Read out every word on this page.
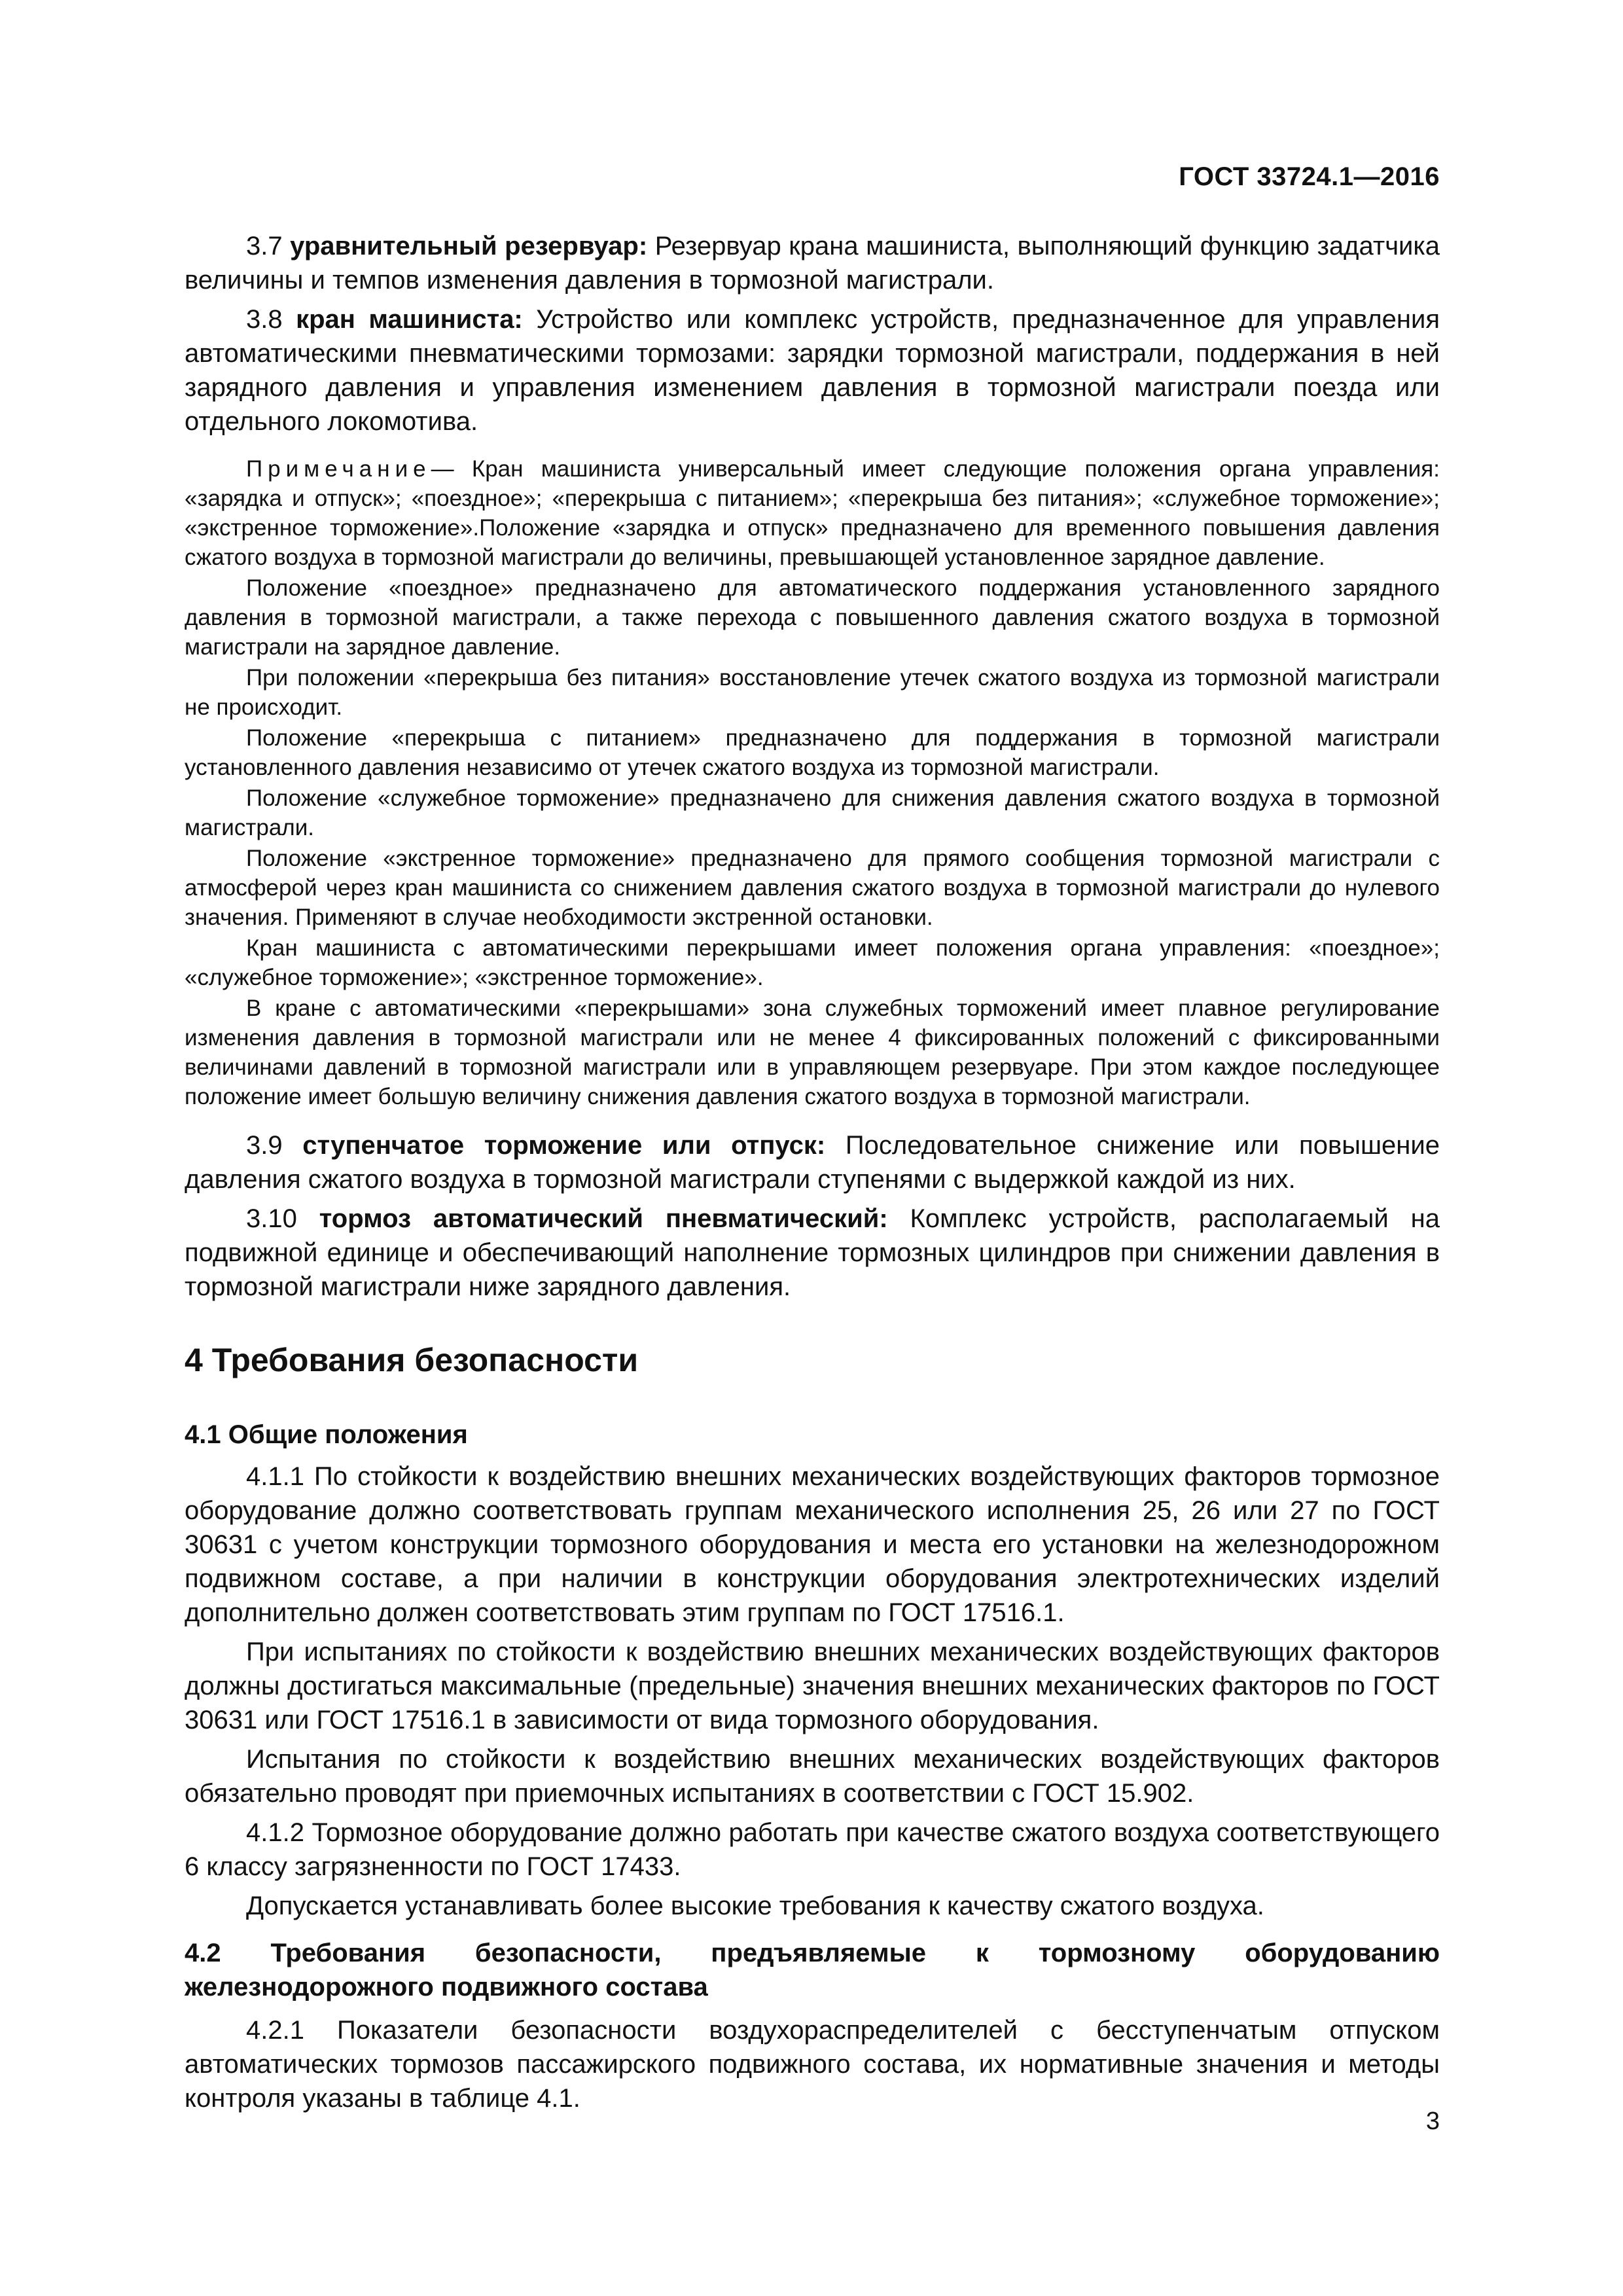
ГОСТ 33724.1—2016

3.7 уравнительный резервуар: Резервуар крана машиниста, выполняющий функцию задатчика величины и темпов изменения давления в тормозной магистрали.

3.8 кран машиниста: Устройство или комплекс устройств, предназначенное для управления автоматическими пневматическими тормозами: зарядки тормозной магистрали, поддержания в ней зарядного давления и управления изменением давления в тормозной магистрали поезда или отдельного локомотива.

Примечание— Кран машиниста универсальный имеет следующие положения органа управления: «зарядка и отпуск»; «поездное»; «перекрыша с питанием»; «перекрыша без питания»; «служебное торможение»; «экстренное торможение».Положение «зарядка и отпуск» предназначено для временного повышения давления сжатого воздуха в тормозной магистрали до величины, превышающей установленное зарядное давление.

Положение «поездное» предназначено для автоматического поддержания установленного зарядного давления в тормозной магистрали, а также перехода с повышенного давления сжатого воздуха в тормозной магистрали на зарядное давление.

При положении «перекрыша без питания» восстановление утечек сжатого воздуха из тормозной магистрали не происходит.

Положение «перекрыша с питанием» предназначено для поддержания в тормозной магистрали установленного давления независимо от утечек сжатого воздуха из тормозной магистрали.

Положение «служебное торможение» предназначено для снижения давления сжатого воздуха в тормозной магистрали.

Положение «экстренное торможение» предназначено для прямого сообщения тормозной магистрали с атмосферой через кран машиниста со снижением давления сжатого воздуха в тормозной магистрали до нулевого значения. Применяют в случае необходимости экстренной остановки.

Кран машиниста с автоматическими перекрышами имеет положения органа управления: «поездное»; «служебное торможение»; «экстренное торможение».

В кране с автоматическими «перекрышами» зона служебных торможений имеет плавное регулирование изменения давления в тормозной магистрали или не менее 4 фиксированных положений с фиксированными величинами давлений в тормозной магистрали или в управляющем резервуаре. При этом каждое последующее положение имеет большую величину снижения давления сжатого воздуха в тормозной магистрали.

3.9 ступенчатое торможение или отпуск: Последовательное снижение или повышение давления сжатого воздуха в тормозной магистрали ступенями с выдержкой каждой из них.

3.10 тормоз автоматический пневматический: Комплекс устройств, располагаемый на подвижной единице и обеспечивающий наполнение тормозных цилиндров при снижении давления в тормозной магистрали ниже зарядного давления.

4 Требования безопасности
4.1 Общие положения

4.1.1 По стойкости к воздействию внешних механических воздействующих факторов тормозное оборудование должно соответствовать группам механического исполнения 25, 26 или 27 по ГОСТ 30631 с учетом конструкции тормозного оборудования и места его установки на железнодорожном подвижном составе, а при наличии в конструкции оборудования электротехнических изделий дополнительно должен соответствовать этим группам по ГОСТ 17516.1.

При испытаниях по стойкости к воздействию внешних механических воздействующих факторов должны достигаться максимальные (предельные) значения внешних механических факторов по ГОСТ 30631 или ГОСТ 17516.1 в зависимости от вида тормозного оборудования.

Испытания по стойкости к воздействию внешних механических воздействующих факторов обязательно проводят при приемочных испытаниях в соответствии с ГОСТ 15.902.

4.1.2 Тормозное оборудование должно работать при качестве сжатого воздуха соответствующего 6 классу загрязненности по ГОСТ 17433.

Допускается устанавливать более высокие требования к качеству сжатого воздуха.

4.2 Требования безопасности, предъявляемые к тормозному оборудованию железнодорожного подвижного состава

4.2.1 Показатели безопасности воздухораспределителей с бесступенчатым отпуском автоматических тормозов пассажирского подвижного состава, их нормативные значения и методы контроля указаны в таблице 4.1.

3
